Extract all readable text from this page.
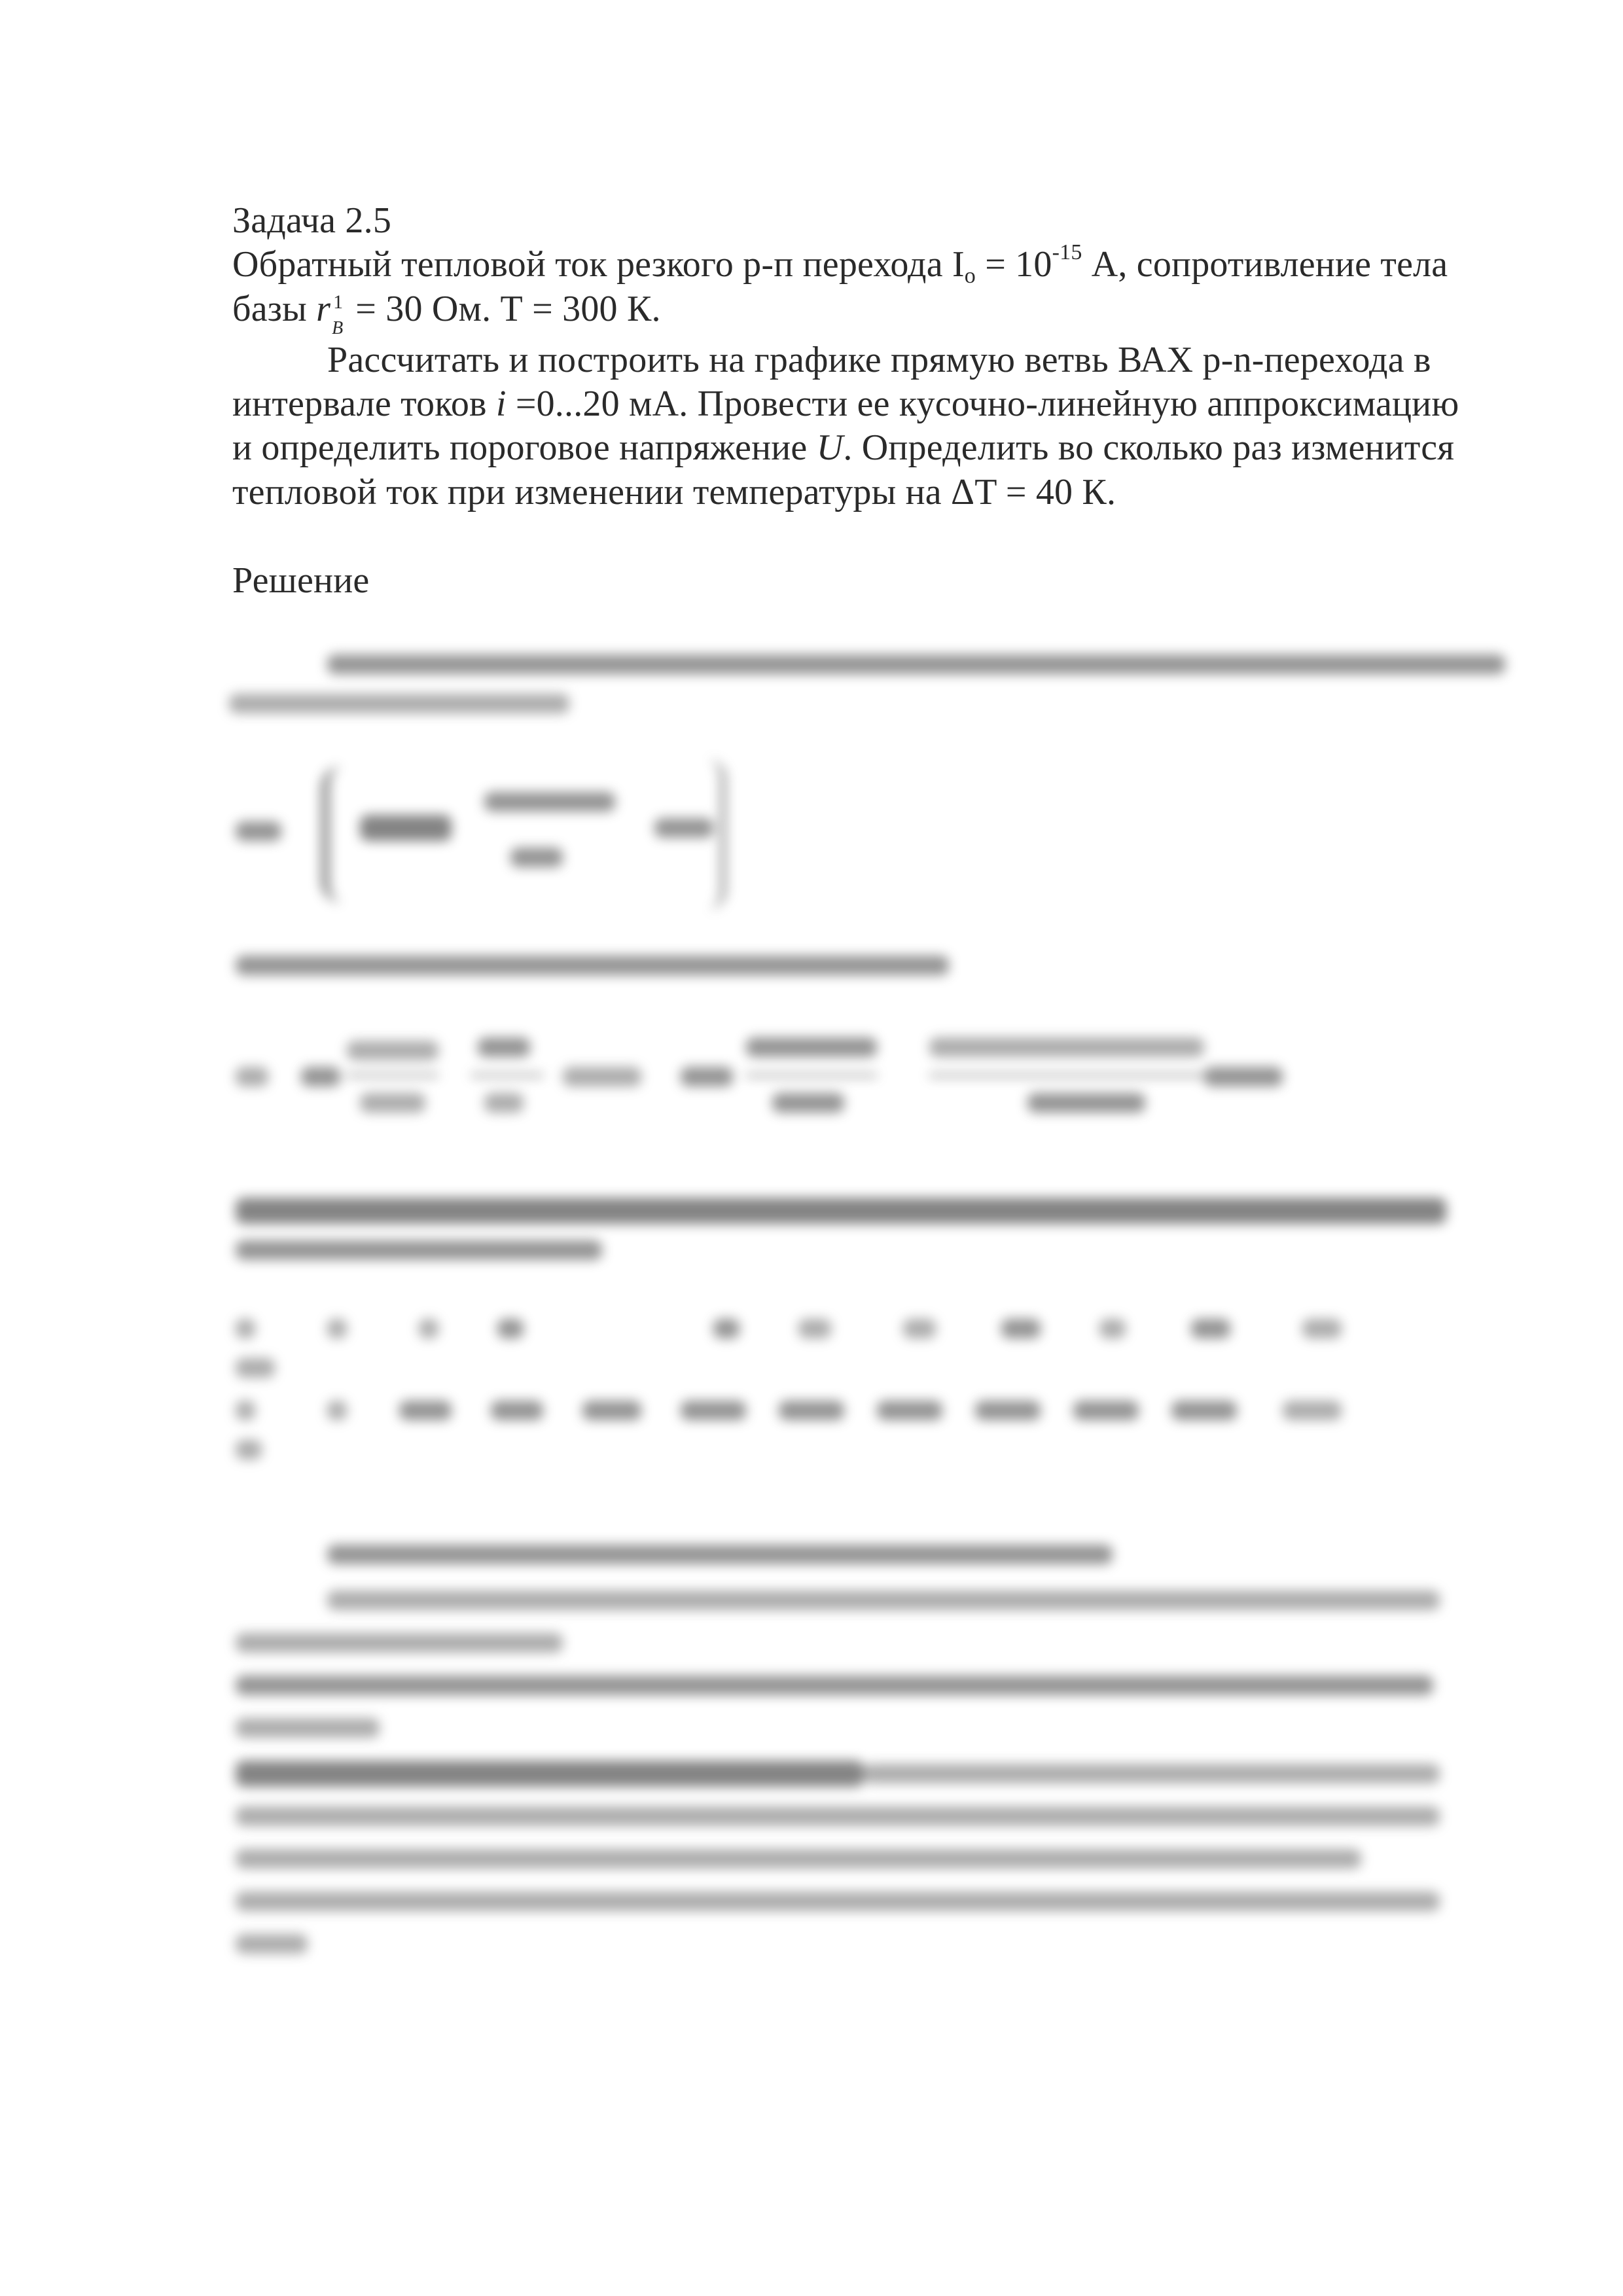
Задача 2.5
Обратный тепловой ток резкого р-п перехода $I_о = 10^{-15}$ А, сопротивление тела
базы r 1
B = 30 Ом. Т = 300 К.
Рассчитать и построить на графике прямую ветвь ВАХ р-n-перехода в
интервале токов i =0...20 мА. Провести ее кусочно-линейную аппроксимацию
и определить пороговое напряжение U. Определить во сколько раз изменится
тепловой ток при изменении температуры на ΔT = 40 К.
Решение
